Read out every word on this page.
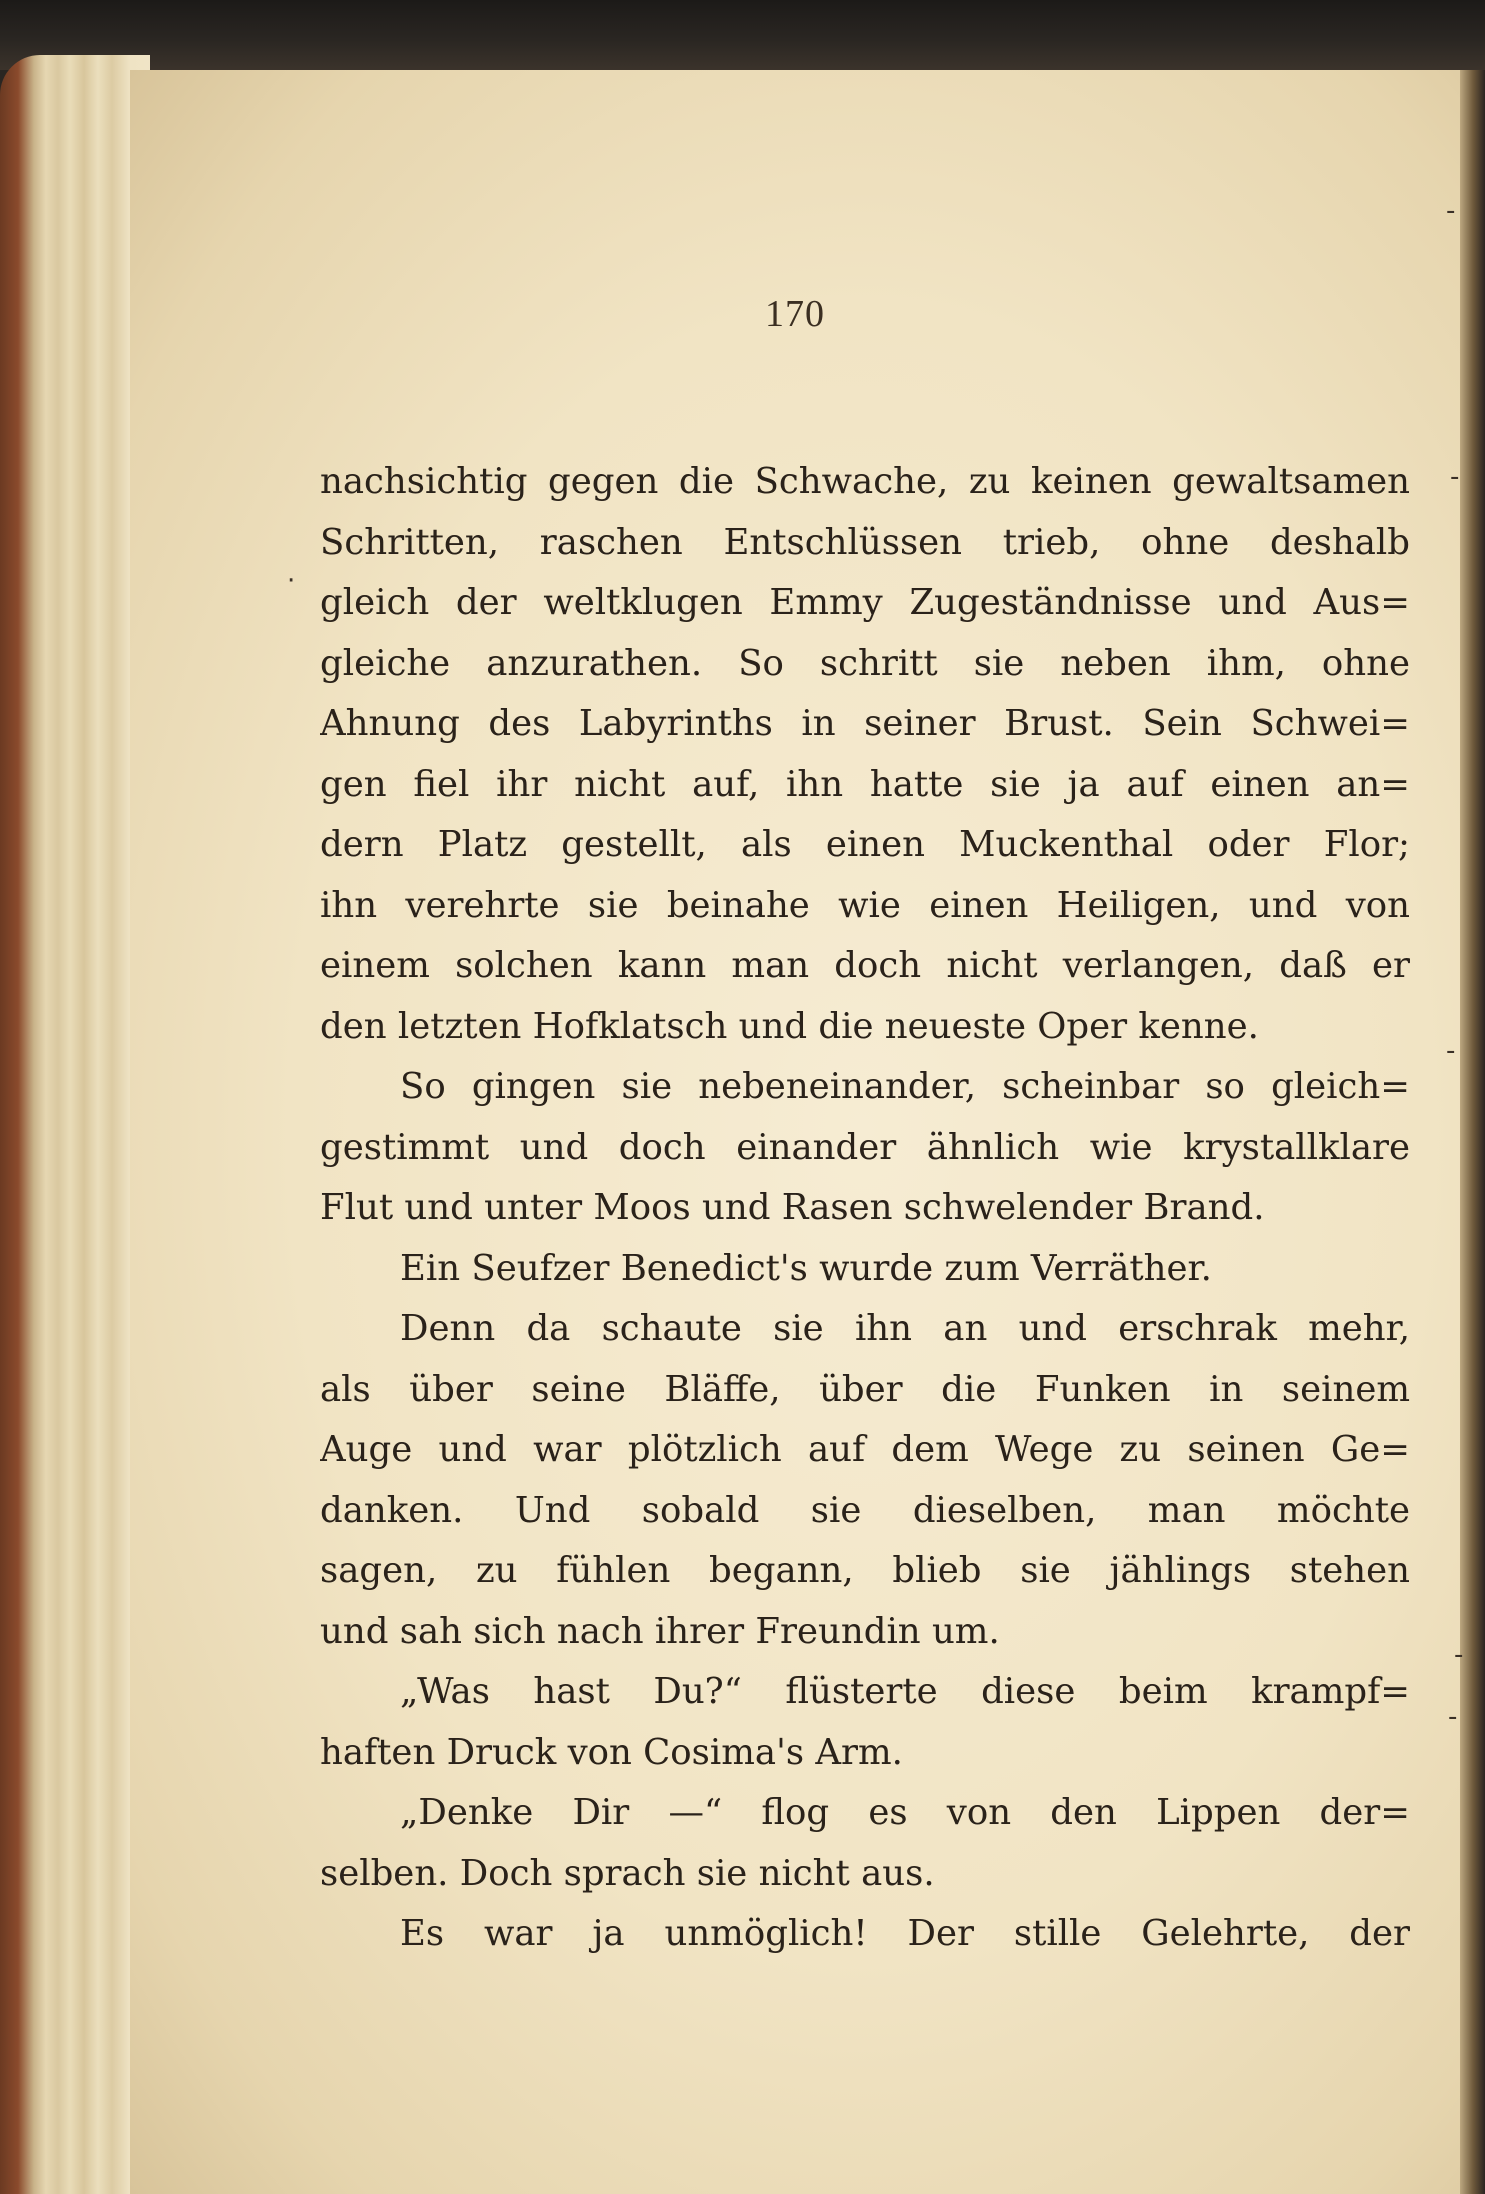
170
nachsichtig gegen die Schwache, zu keinen gewaltsamen
Schritten, raschen Entschlüssen trieb, ohne deshalb
gleich der weltklugen Emmy Zugeständnisse und Aus=
gleiche anzurathen. So schritt sie neben ihm, ohne
Ahnung des Labyrinths in seiner Brust. Sein Schwei=
gen fiel ihr nicht auf, ihn hatte sie ja auf einen an=
dern Platz gestellt, als einen Muckenthal oder Flor;
ihn verehrte sie beinahe wie einen Heiligen, und von
einem solchen kann man doch nicht verlangen, daß er
den letzten Hofklatsch und die neueste Oper kenne.
So gingen sie nebeneinander, scheinbar so gleich=
gestimmt und doch einander ähnlich wie krystallklare
Flut und unter Moos und Rasen schwelender Brand.
Ein Seufzer Benedict's wurde zum Verräther.
Denn da schaute sie ihn an und erschrak mehr,
als über seine Bläffe, über die Funken in seinem
Auge und war plötzlich auf dem Wege zu seinen Ge=
danken. Und sobald sie dieselben, man möchte
sagen, zu fühlen begann, blieb sie jählings stehen
und sah sich nach ihrer Freundin um.
„Was hast Du?“ flüsterte diese beim krampf=
haften Druck von Cosima's Arm.
„Denke Dir —“ flog es von den Lippen der=
selben. Doch sprach sie nicht aus.
Es war ja unmöglich! Der stille Gelehrte, der
-
-
-
-
-
·
